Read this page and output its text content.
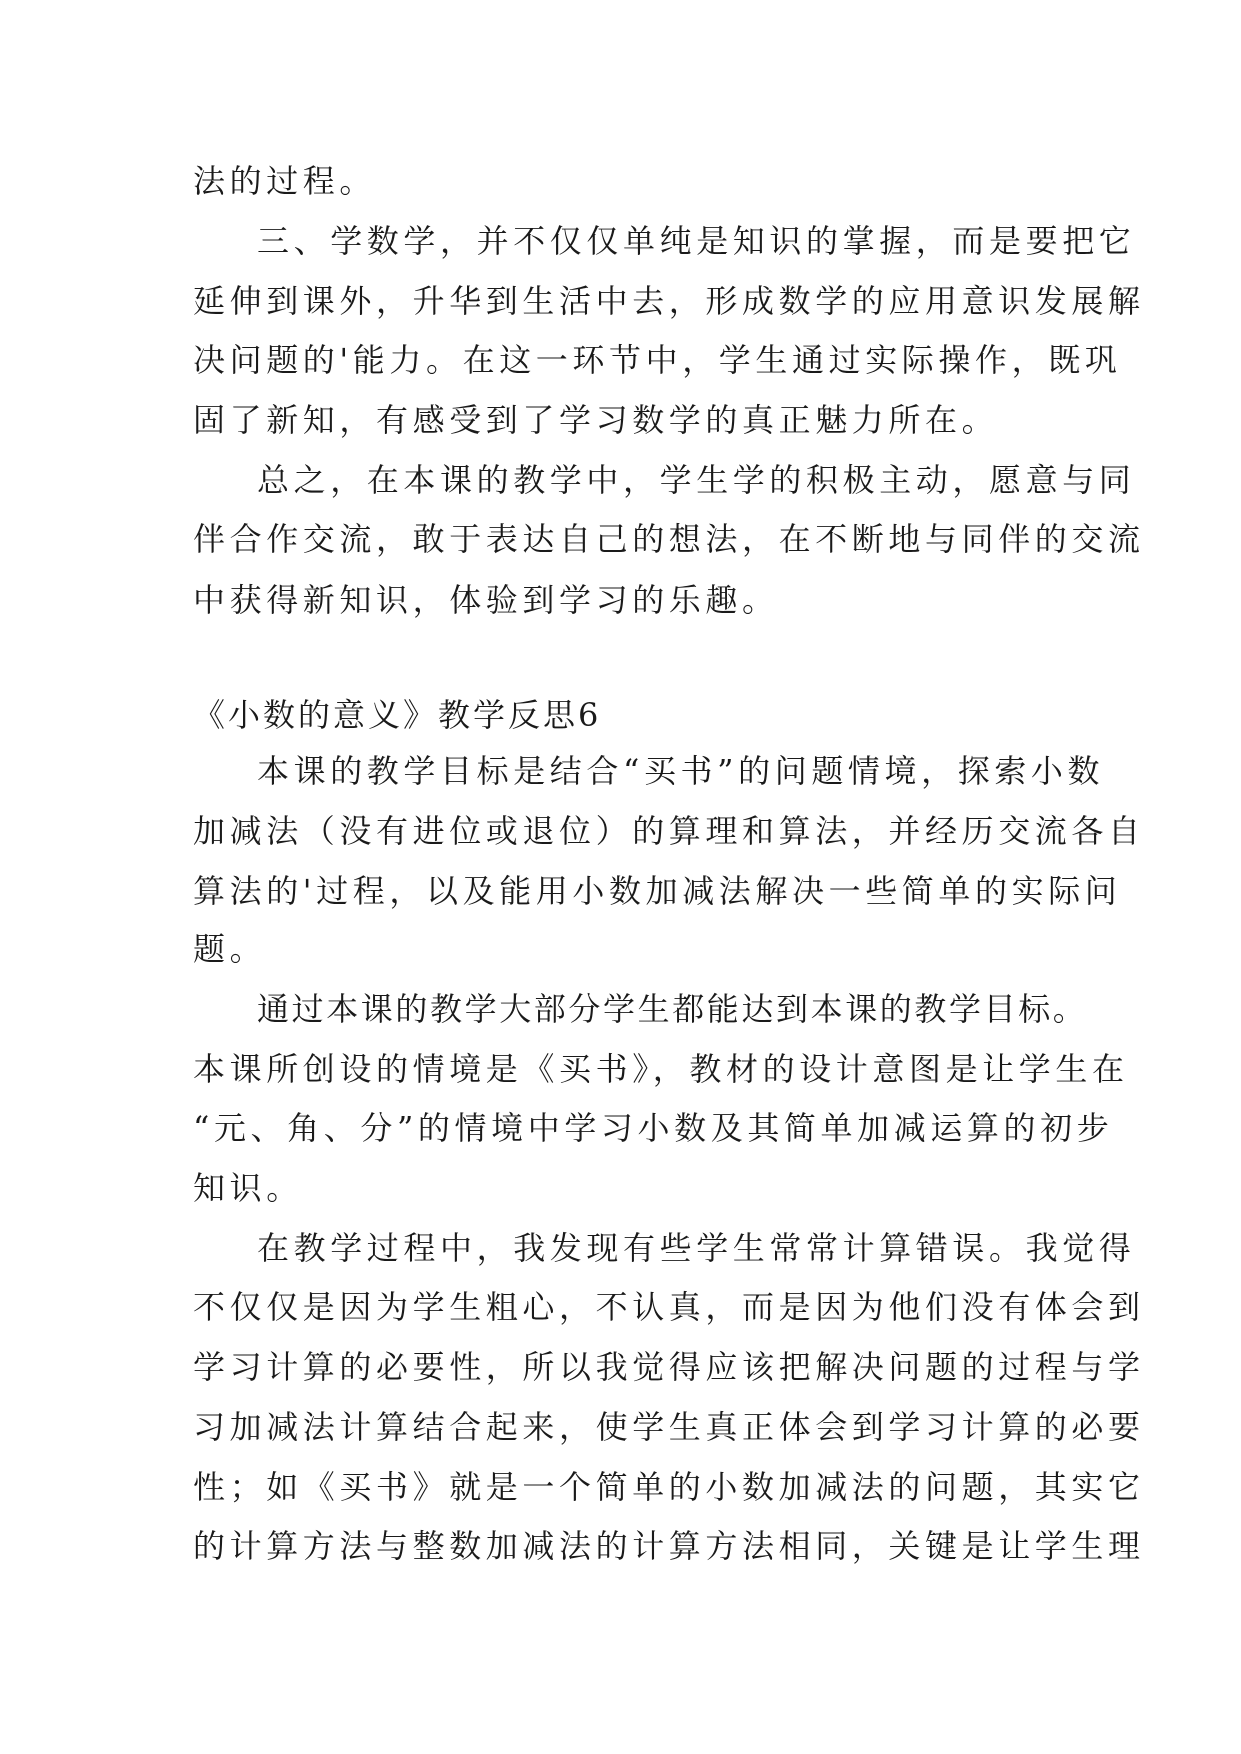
法的过程。
三、学数学，并不仅仅单纯是知识的掌握，而是要把它
延伸到课外，升华到生活中去，形成数学的应用意识发展解
决问题的'能力。在这一环节中，学生通过实际操作，既巩
固了新知，有感受到了学习数学的真正魅力所在。
总之，在本课的教学中，学生学的积极主动，愿意与同
伴合作交流，敢于表达自己的想法，在不断地与同伴的交流
中获得新知识，体验到学习的乐趣。
《小数的意义》教学反思6
本课的教学目标是结合“买书”的问题情境，探索小数
加减法（没有进位或退位）的算理和算法，并经历交流各自
算法的'过程，以及能用小数加减法解决一些简单的实际问
题。
通过本课的教学大部分学生都能达到本课的教学目标。
本课所创设的情境是《买书》，教材的设计意图是让学生在
“元、角、分”的情境中学习小数及其简单加减运算的初步
知识。
在教学过程中，我发现有些学生常常计算错误。我觉得
不仅仅是因为学生粗心，不认真，而是因为他们没有体会到
学习计算的必要性，所以我觉得应该把解决问题的过程与学
习加减法计算结合起来，使学生真正体会到学习计算的必要
性；如《买书》就是一个简单的小数加减法的问题，其实它
的计算方法与整数加减法的计算方法相同，关键是让学生理
